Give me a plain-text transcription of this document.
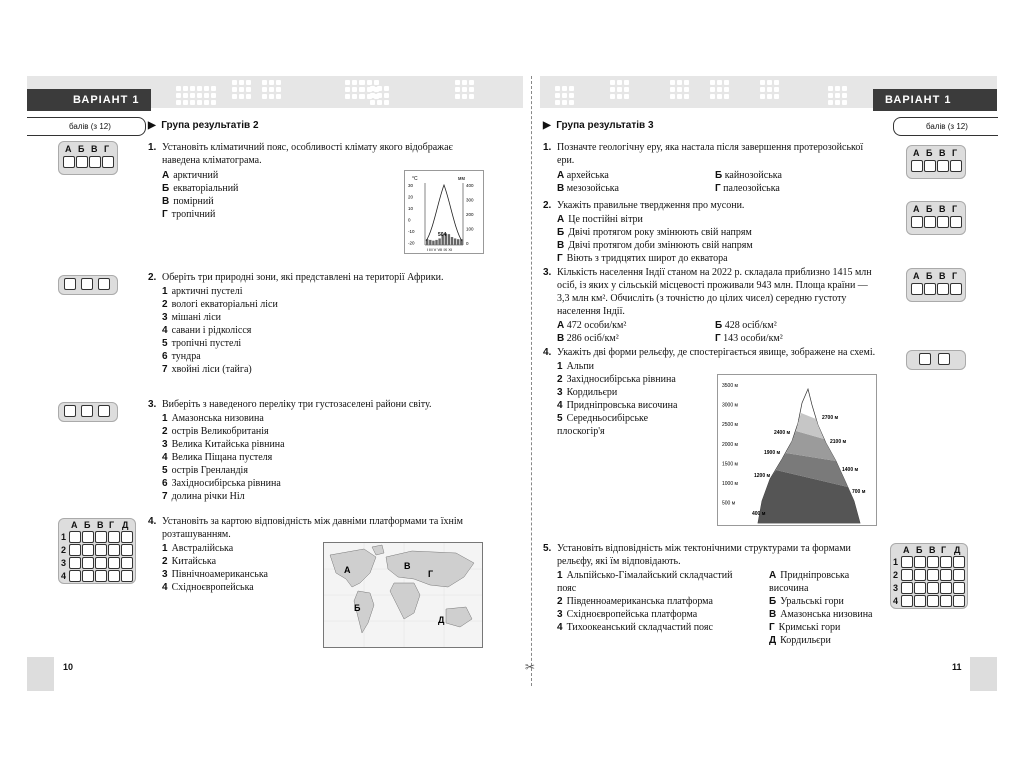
✂
ВАРІАНТ 1
балів (з 12)	▶ Група результатів 2
А Б В Г	1. Установіть кліматичний пояс, особливості клімату якого відображає наведена кліматограма.
А арктичний
Б екваторіальний
В помірний
Г тропічний
°C	мм
30
20
10
0
-10
-20
400
300
200
100
0
504
I III V VII IX XI
2. Оберіть три природні зони, які представлені на території Африки.
1 арктичні пустелі
2 вологі екваторіальні ліси
3 мішані ліси
4 савани і рідколісся
5 тропічні пустелі
6 тундра
7 хвойні ліси (тайга)
3. Виберіть з наведеного переліку три густозаселені райони світу.
1 Амазонська низовина
2 острів Великобританія
3 Велика Китайська рівнина
4 Велика Піщана пустеля
5 острів Гренландія
6 Західносибірська рівнина
7 долина річки Ніл
А Б В Г Д
1
2
3
4
4. Установіть за картою відповідність між давніми платформами та їхнім розташуванням.
1 Австралійська
2 Китайська
3 Північноамериканська
4 Східноєвропейська
А	В
Г
Б
Д
10
ВАРІАНТ 1
балів (з 12)
▶ Група результатів 3
1. Позначте геологічну еру, яка настала після завершення протерозойської ери.
А архейська	Б кайнозойська
В мезозойська	Г палеозойська
А Б В Г
2. Укажіть правильне твердження про мусони.
А Це постійні вітри
Б Двічі протягом року змінюють свій напрям
В Двічі протягом доби змінюють свій напрям
Г Віють з тридцятих широт до екватора
А Б В Г
3. Кількість населення Індії станом на 2022 р. складала приблизно 1415 млн осіб, із яких у сільській місцевості проживали 943 млн. Площа країни — 3,3 млн км². Обчисліть (з точністю до цілих чисел) середню густоту населення Індії.
А 472 особи/км²	Б 428 осіб/км²
В 286 осіб/км²	Г 143 особи/км²
А Б В Г
4. Укажіть дві форми рельєфу, де спостерігається явище, зображене на схемі.
1 Альпи
2 Західносибірська рівнина
3 Кордильєри
4 Придніпровська височина
5 Середньосибірське плоскогір'я
3500 м
3000 м
2500 м
2000 м
1500 м
1000 м
500 м
400 м
1200 м
1900 м
2400 м
2700 м
2100 м
1400 м
700 м
5. Установіть відповідність між тектонічними структурами та формами рельєфу, які їм відповідають.
1 Альпійсько-Гімалайський складчастий пояс
2 Південноамериканська платформа
3 Східноєвропейська платформа
4 Тихоокеанський складчастий пояс
А Придніпровська височина
Б Уральські гори
В Амазонська низовина
Г Кримські гори
Д Кордильєри
А Б В Г Д
1
2
3
4
11
